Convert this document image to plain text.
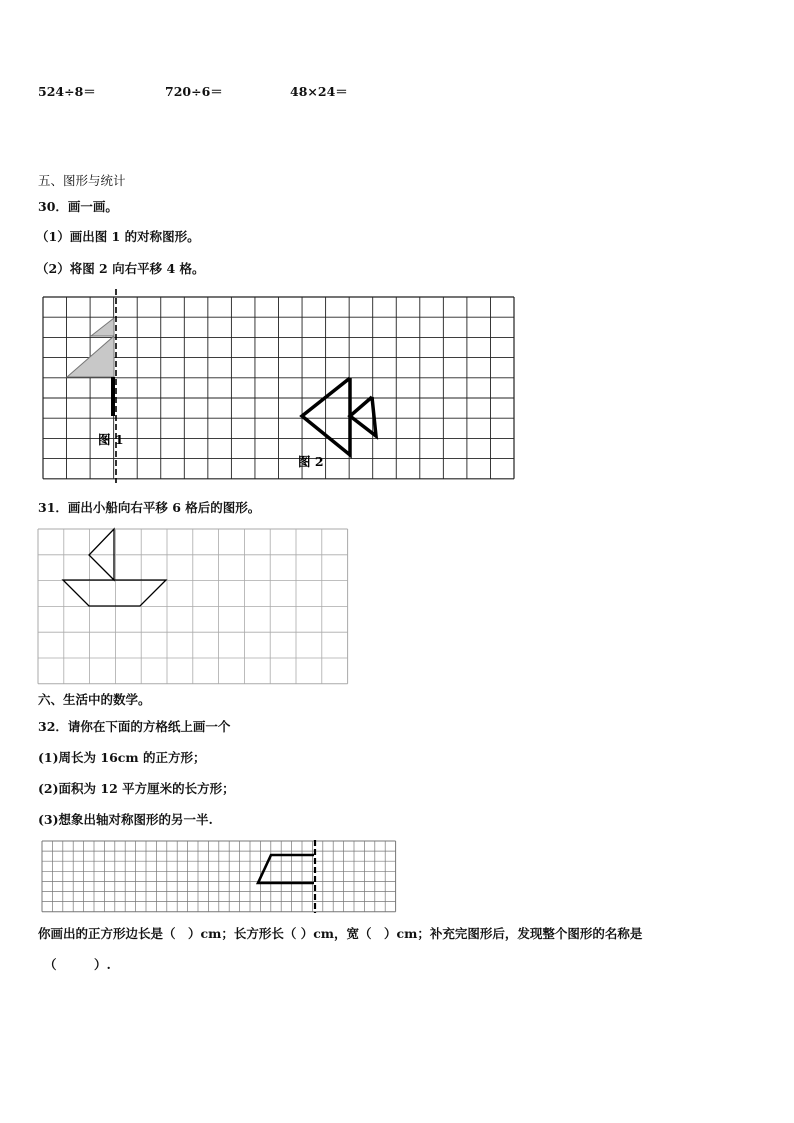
524÷8＝	720÷6＝	48×24＝
五、图形与统计
30．画一画。
（1）画出图 1 的对称图形。
（2）将图 2 向右平移 4 格。
图 1
图 2
31．画出小船向右平移 6 格后的图形。
六、生活中的数学。
32．请你在下面的方格纸上画一个
(1)周长为 16cm 的正方形；
(2)面积为 12 平方厘米的长方形；
(3)想象出轴对称图形的另一半.
你画出的正方形边长是（　）cm；长方形长（ ）cm，宽（　）cm；补充完图形后，发现整个图形的名称是
（　　　）.
